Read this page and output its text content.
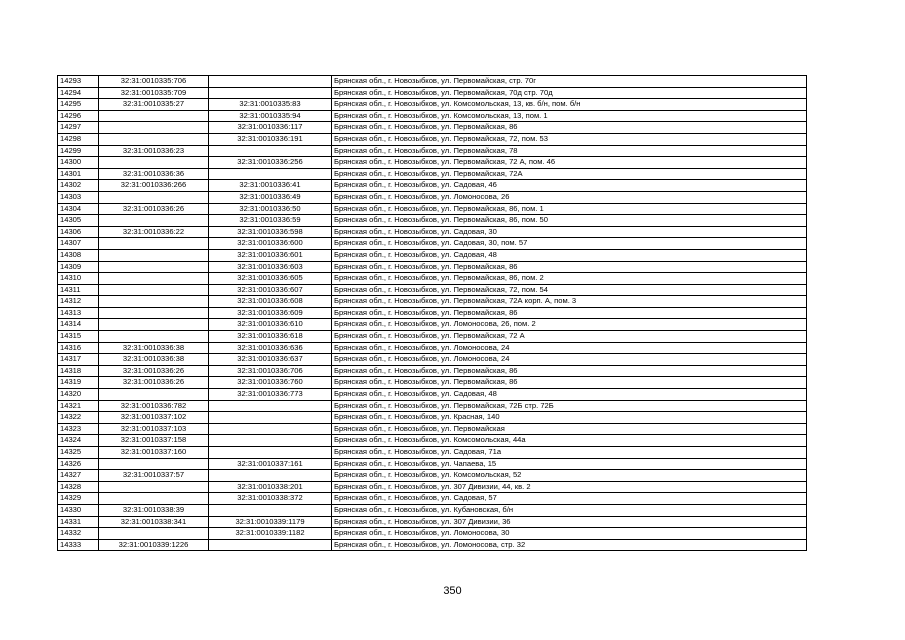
14293	32:31:0010335:706		Брянская обл., г. Новозыбков, ул. Первомайская, стр. 70г
14294	32:31:0010335:709		Брянская обл., г. Новозыбков, ул. Первомайская, 70д стр. 70д
14295	32:31:0010335:27	32:31:0010335:83	Брянская обл., г. Новозыбков, ул. Комсомольская, 13, кв. б/н, пом. б/н
14296		32:31:0010335:94	Брянская обл., г. Новозыбков, ул. Комсомольская, 13, пом. 1
14297		32:31:0010336:117	Брянская обл., г. Новозыбков, ул. Первомайская, 86
14298		32:31:0010336:191	Брянская обл., г. Новозыбков, ул. Первомайская, 72, пом. 53
14299	32:31:0010336:23		Брянская обл., г. Новозыбков, ул. Первомайская, 78
14300		32:31:0010336:256	Брянская обл., г. Новозыбков, ул. Первомайская, 72 А, пом. 46
14301	32:31:0010336:36		Брянская обл., г. Новозыбков, ул. Первомайская, 72А
14302	32:31:0010336:266	32:31:0010336:41	Брянская обл., г. Новозыбков, ул. Садовая, 46
14303		32:31:0010336:49	Брянская обл., г. Новозыбков, ул. Ломоносова, 26
14304	32:31:0010336:26	32:31:0010336:50	Брянская обл., г. Новозыбков, ул. Первомайская, 86, пом. 1
14305		32:31:0010336:59	Брянская обл., г. Новозыбков, ул. Первомайская, 86, пом. 50
14306	32:31:0010336:22	32:31:0010336:598	Брянская обл., г. Новозыбков, ул. Садовая, 30
14307		32:31:0010336:600	Брянская обл., г. Новозыбков, ул. Садовая, 30, пом. 57
14308		32:31:0010336:601	Брянская обл., г. Новозыбков, ул. Садовая, 48
14309		32:31:0010336:603	Брянская обл., г. Новозыбков, ул. Первомайская, 86
14310		32:31:0010336:605	Брянская обл., г. Новозыбков, ул. Первомайская, 86, пом. 2
14311		32:31:0010336:607	Брянская обл., г. Новозыбков, ул. Первомайская, 72, пом. 54
14312		32:31:0010336:608	Брянская обл., г. Новозыбков, ул. Первомайская, 72А корп. А, пом. 3
14313		32:31:0010336:609	Брянская обл., г. Новозыбков, ул. Первомайская, 86
14314		32:31:0010336:610	Брянская обл., г. Новозыбков, ул. Ломоносова, 26, пом. 2
14315		32:31:0010336:618	Брянская обл., г. Новозыбков, ул. Первомайская, 72 А
14316	32:31:0010336:38	32:31:0010336:636	Брянская обл., г. Новозыбков, ул. Ломоносова, 24
14317	32:31:0010336:38	32:31:0010336:637	Брянская обл., г. Новозыбков, ул. Ломоносова, 24
14318	32:31:0010336:26	32:31:0010336:706	Брянская обл., г. Новозыбков, ул. Первомайская, 86
14319	32:31:0010336:26	32:31:0010336:760	Брянская обл., г. Новозыбков, ул. Первомайская, 86
14320		32:31:0010336:773	Брянская обл., г. Новозыбков, ул. Садовая, 48
14321	32:31:0010336:782		Брянская обл., г. Новозыбков, ул. Первомайская, 72Б стр. 72Б
14322	32:31:0010337:102		Брянская обл., г. Новозыбков, ул. Красная, 140
14323	32:31:0010337:103		Брянская обл., г. Новозыбков, ул. Первомайская
14324	32:31:0010337:158		Брянская обл., г. Новозыбков, ул. Комсомольская, 44а
14325	32:31:0010337:160		Брянская обл., г. Новозыбков, ул. Садовая, 71а
14326		32:31:0010337:161	Брянская обл., г. Новозыбков, ул. Чапаева, 15
14327	32:31:0010337:57		Брянская обл., г. Новозыбков, ул. Комсомольская, 52
14328		32:31:0010338:201	Брянская обл., г. Новозыбков, ул. 307 Дивизии, 44, кв. 2
14329		32:31:0010338:372	Брянская обл., г. Новозыбков, ул. Садовая, 57
14330	32:31:0010338:39		Брянская обл., г. Новозыбков, ул. Кубановская, б/н
14331	32:31:0010338:341	32:31:0010339:1179	Брянская обл., г. Новозыбков, ул. 307 Дивизии, 36
14332		32:31:0010339:1182	Брянская обл., г. Новозыбков, ул. Ломоносова, 30
14333	32:31:0010339:1226		Брянская обл., г. Новозыбков, ул. Ломоносова, стр. 32
350
